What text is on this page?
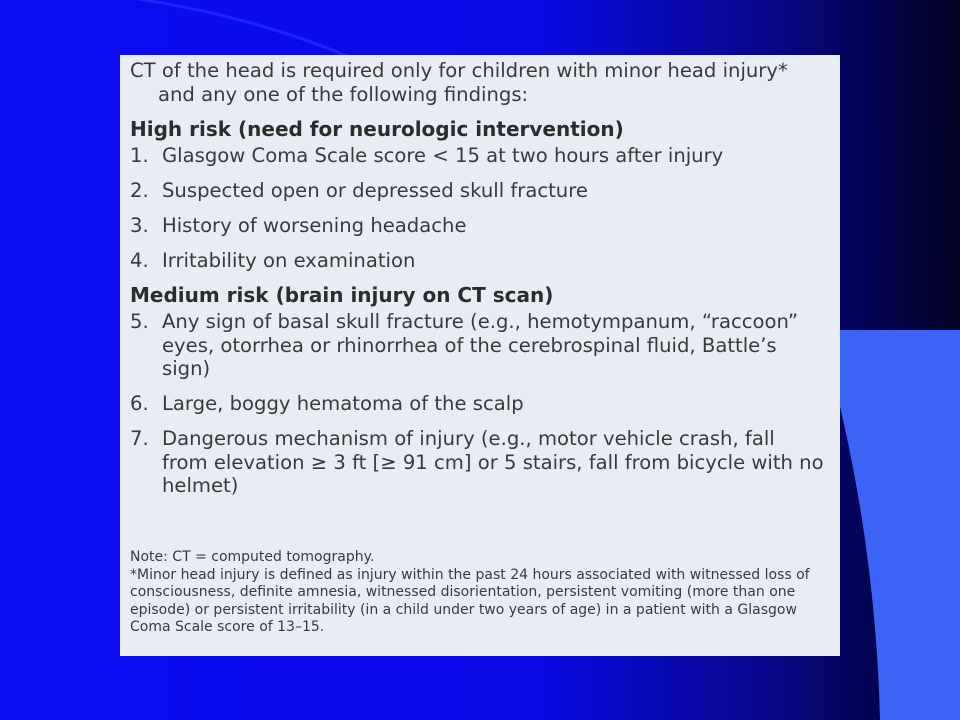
CT of the head is required only for children with minor head injury* and any one of the following findings:

High risk (need for neurologic intervention)
1. Glasgow Coma Scale score < 15 at two hours after injury
2. Suspected open or depressed skull fracture
3. History of worsening headache
4. Irritability on examination
Medium risk (brain injury on CT scan)
5. Any sign of basal skull fracture (e.g., hemotympanum, “raccoon” eyes, otorrhea or rhinorrhea of the cerebrospinal fluid, Battle’s sign)
6. Large, boggy hematoma of the scalp
7. Dangerous mechanism of injury (e.g., motor vehicle crash, fall   from elevation ≥ 3 ft [≥ 91 cm] or 5 stairs, fall from bicycle with no helmet)

Note: CT = computed tomography.

*Minor head injury is defined as injury within the past 24 hours associated with witnessed loss of consciousness, definite amnesia, witnessed disorientation, persistent vomiting (more than one episode) or persistent irritability (in a child under two years of age) in a patient with a Glasgow Coma Scale score of 13–15.
